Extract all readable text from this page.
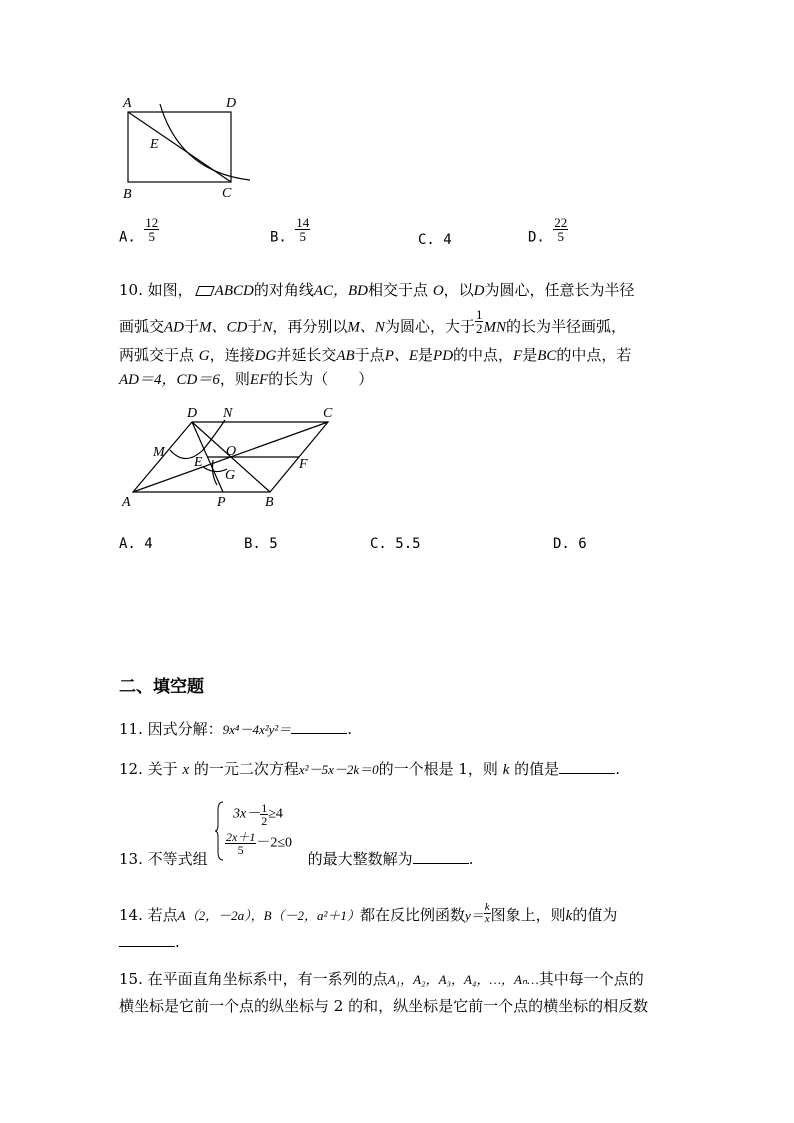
A	D
E
B	C
A. $\frac{12}{5}$	B. $\frac{14}{5}$	C. 4	D. $\frac{22}{5}$
10. 如图， ABCD的对角线AC，BD相交于点 O，以D为圆心，任意长为半径
画弧交AD于M、CD于N，再分别以M、N为圆心，大于 $\frac{1}{2}$ MN的长为半径画弧，
两弧交于点 G，连接DG并延长交AB于点P、E是PD的中点，F是BC的中点，若
AD＝4，CD＝6，则EF的长为（　　）
D N	C
M	O
E	F
G
A	P	B
A. 4	B. 5	C. 5.5	D. 6
二、填空题
11. 因式分解：9x⁴－4x²y²＝	.
12. 关于 x 的一元二次方程x²－5x－2k＝0的一个根是 1，则 k 的值是	.
$3x- \frac{1}{2} \ge 4$
$\frac{2x+1}{5} -2\le 0$
13. 不等式组	的最大整数解为	.
14. 若点A（2，－2a），B（－2，a²＋1）都在反比例函数$y= \frac{k}{x}$ 图象上，则k的值为
.
15. 在平面直角坐标系中，有一系列的点A₁，A₂，A₃，A₄，…，Aₙ…其中每一个点的
横坐标是它前一个点的纵坐标与 2 的和，纵坐标是它前一个点的横坐标的相反数
